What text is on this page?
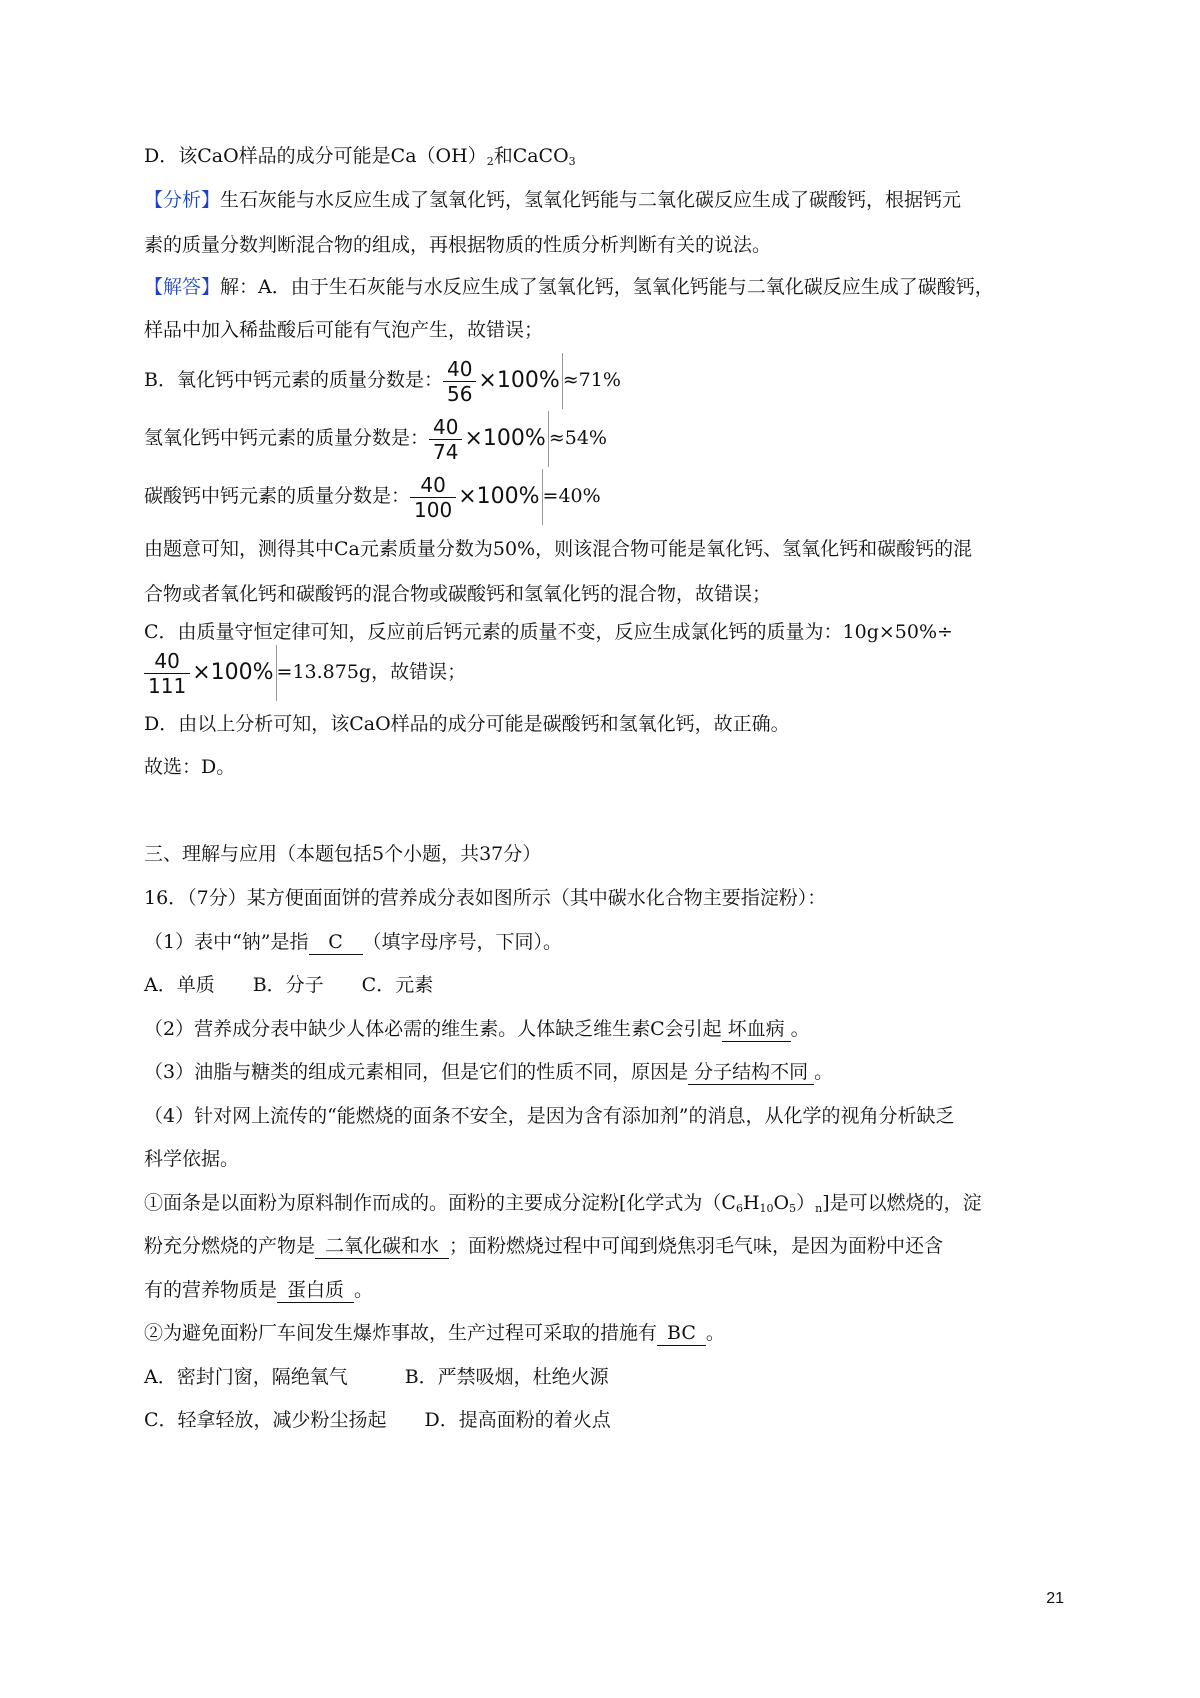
D．该CaO样品的成分可能是$Ca(OH)_2$和CaCO$_3$
【分析】生石灰能与水反应生成了氢氧化钙，氢氧化钙能与二氧化碳反应生成了碳酸钙，根据钙元
素的质量分数判断混合物的组成，再根据物质的性质分析判断有关的说法。
【解答】解：A．由于生石灰能与水反应生成了氢氧化钙，氢氧化钙能与二氧化碳反应生成了碳酸钙，
样品中加入稀盐酸后可能有气泡产生，故错误；
B．氧化钙中钙元素的质量分数是： $\frac{40}{56} \times 100\% \approx 71\%$
氢氧化钙中钙元素的质量分数是： $\frac{40}{74} \times 100\% \approx 54\%$
碳酸钙中钙元素的质量分数是： $\frac{40}{100} \times 100\% =40\%$
由题意可知，测得其中Ca元素质量分数为50%，则该混合物可能是氧化钙、氢氧化钙和碳酸钙的混
合物或者氧化钙和碳酸钙的混合物或碳酸钙和氢氧化钙的混合物，故错误；
C．由质量守恒定律可知，反应前后钙元素的质量不变，反应生成氯化钙的质量为：10g×50%÷
$\frac{40}{111} \times 100\% =13.875g$，故错误；
D．由以上分析可知，该CaO样品的成分可能是碳酸钙和氢氧化钙，故正确。
故选：D。
三、理解与应用（本题包括5个小题，共37分）
16．（7分）某方便面面饼的营养成分表如图所示（其中碳水化合物主要指淀粉）：
（1）表中“钠”是指 C （填字母序号，下同）。
A．单质　　B．分子　　C．元素
（2）营养成分表中缺少人体必需的维生素。人体缺乏维生素C会引起 坏血病 。
（3）油脂与糖类的组成元素相同，但是它们的性质不同，原因是 分子结构不同 。
（4）针对网上流传的“能燃烧的面条不安全，是因为含有添加剂”的消息，从化学的视角分析缺乏
科学依据。
①面条是以面粉为原料制作而成的。面粉的主要成分淀粉[化学式为$(C_6H_{10}O_5)_n$]是可以燃烧的，淀
粉充分燃烧的产物是 二氧化碳和水 ；面粉燃烧过程中可闻到烧焦羽毛气味，是因为面粉中还含
有的营养物质是 蛋白质 。
②为避免面粉厂车间发生爆炸事故，生产过程可采取的措施有 BC 。
A．密封门窗，隔绝氧气　　　B．严禁吸烟，杜绝火源
C．轻拿轻放，减少粉尘扬起　　D．提高面粉的着火点
21
